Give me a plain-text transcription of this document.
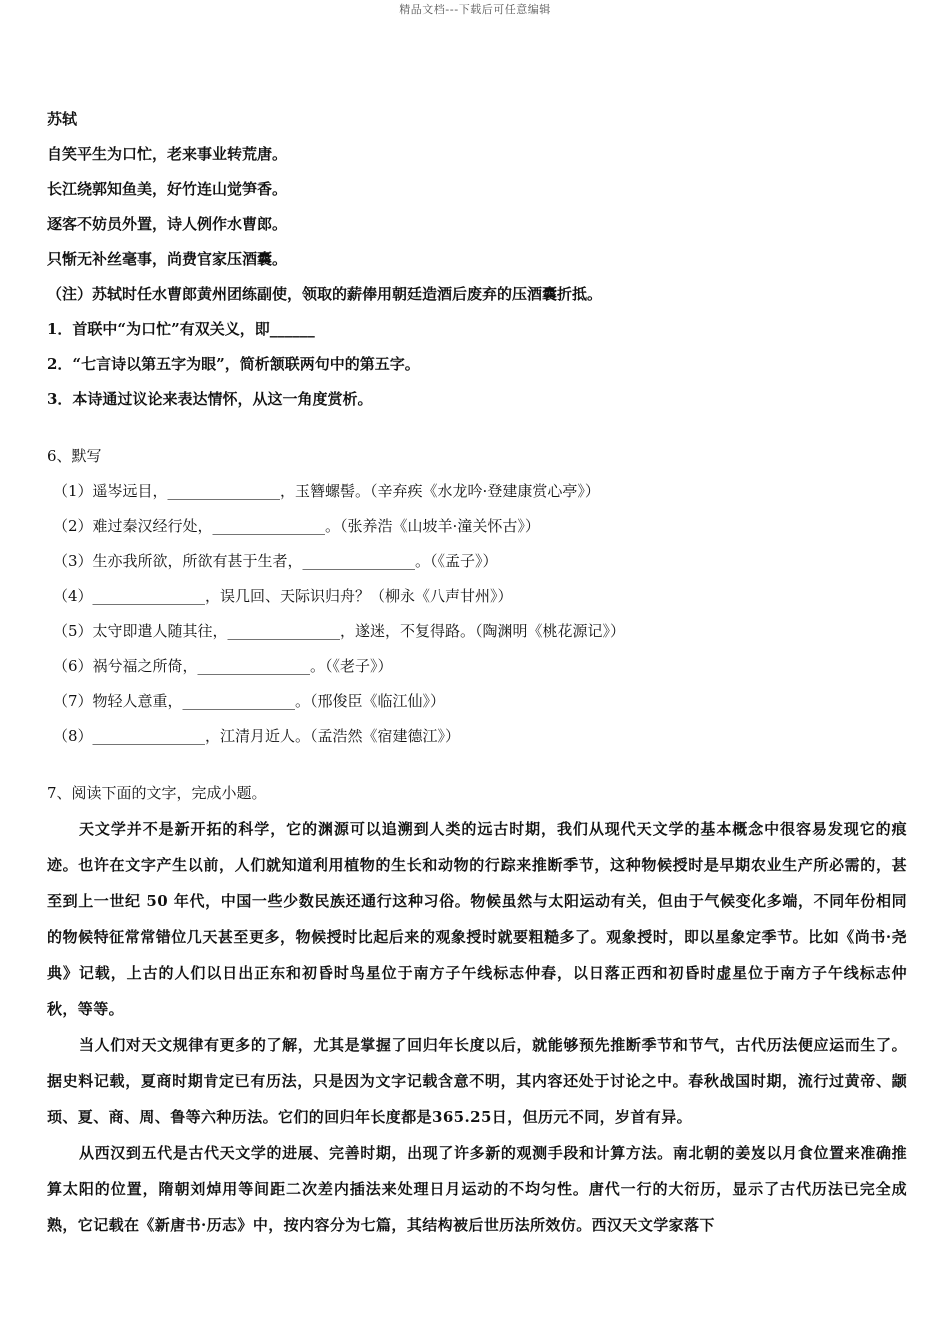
精品文档---下载后可任意编辑
苏轼
自笑平生为口忙，老来事业转荒唐。
长江绕郭知鱼美，好竹连山觉笋香。
逐客不妨员外置，诗人例作水曹郎。
只惭无补丝毫事，尚费官家压酒囊。
（注）苏轼时任水曹郎黄州团练副使，领取的薪俸用朝廷造酒后废弃的压酒囊折抵。
1．首联中“为口忙”有双关义，即______
2．“七言诗以第五字为眼”，简析颔联两句中的第五字。
3．本诗通过议论来表达情怀，从这一角度赏析。
6、默写
（1）遥岑远目，_______________，玉簪螺髻。（辛弃疾《水龙吟·登建康赏心亭》）
（2）难过秦汉经行处，_______________。（张养浩《山坡羊·潼关怀古》）
（3）生亦我所欲，所欲有甚于生者，_______________。（《孟子》）
（4）_______________，误几回、天际识归舟？（柳永《八声甘州》）
（5）太守即遣人随其往，_______________，遂迷，不复得路。（陶渊明《桃花源记》）
（6）祸兮福之所倚，_______________。（《老子》）
（7）物轻人意重，_______________。（邢俊臣《临江仙》）
（8）_______________，江清月近人。（孟浩然《宿建德江》）
7、阅读下面的文字，完成小题。
天文学并不是新开拓的科学，它的渊源可以追溯到人类的远古时期，我们从现代天文学的基本概念中很容易发现它的痕迹。也许在文字产生以前，人们就知道利用植物的生长和动物的行踪来推断季节，这种物候授时是早期农业生产所必需的，甚至到上一世纪 50 年代，中国一些少数民族还通行这种习俗。物候虽然与太阳运动有关，但由于气候变化多端，不同年份相同的物候特征常常错位几天甚至更多，物候授时比起后来的观象授时就要粗糙多了。观象授时，即以星象定季节。比如《尚书·尧典》记载，上古的人们以日出正东和初昏时鸟星位于南方子午线标志仲春，以日落正西和初昏时虚星位于南方子午线标志仲秋，等等。
当人们对天文规律有更多的了解，尤其是掌握了回归年长度以后，就能够预先推断季节和节气，古代历法便应运而生了。据史料记载，夏商时期肯定已有历法，只是因为文字记载含意不明，其内容还处于讨论之中。春秋战国时期，流行过黄帝、颛顼、夏、商、周、鲁等六种历法。它们的回归年长度都是365.25日，但历元不同，岁首有异。
从西汉到五代是古代天文学的进展、完善时期，出现了许多新的观测手段和计算方法。南北朝的姜岌以月食位置来准确推算太阳的位置，隋朝刘焯用等间距二次差内插法来处理日月运动的不均匀性。唐代一行的大衍历，显示了古代历法已完全成熟，它记载在《新唐书·历志》中，按内容分为七篇，其结构被后世历法所效仿。西汉天文学家落下
